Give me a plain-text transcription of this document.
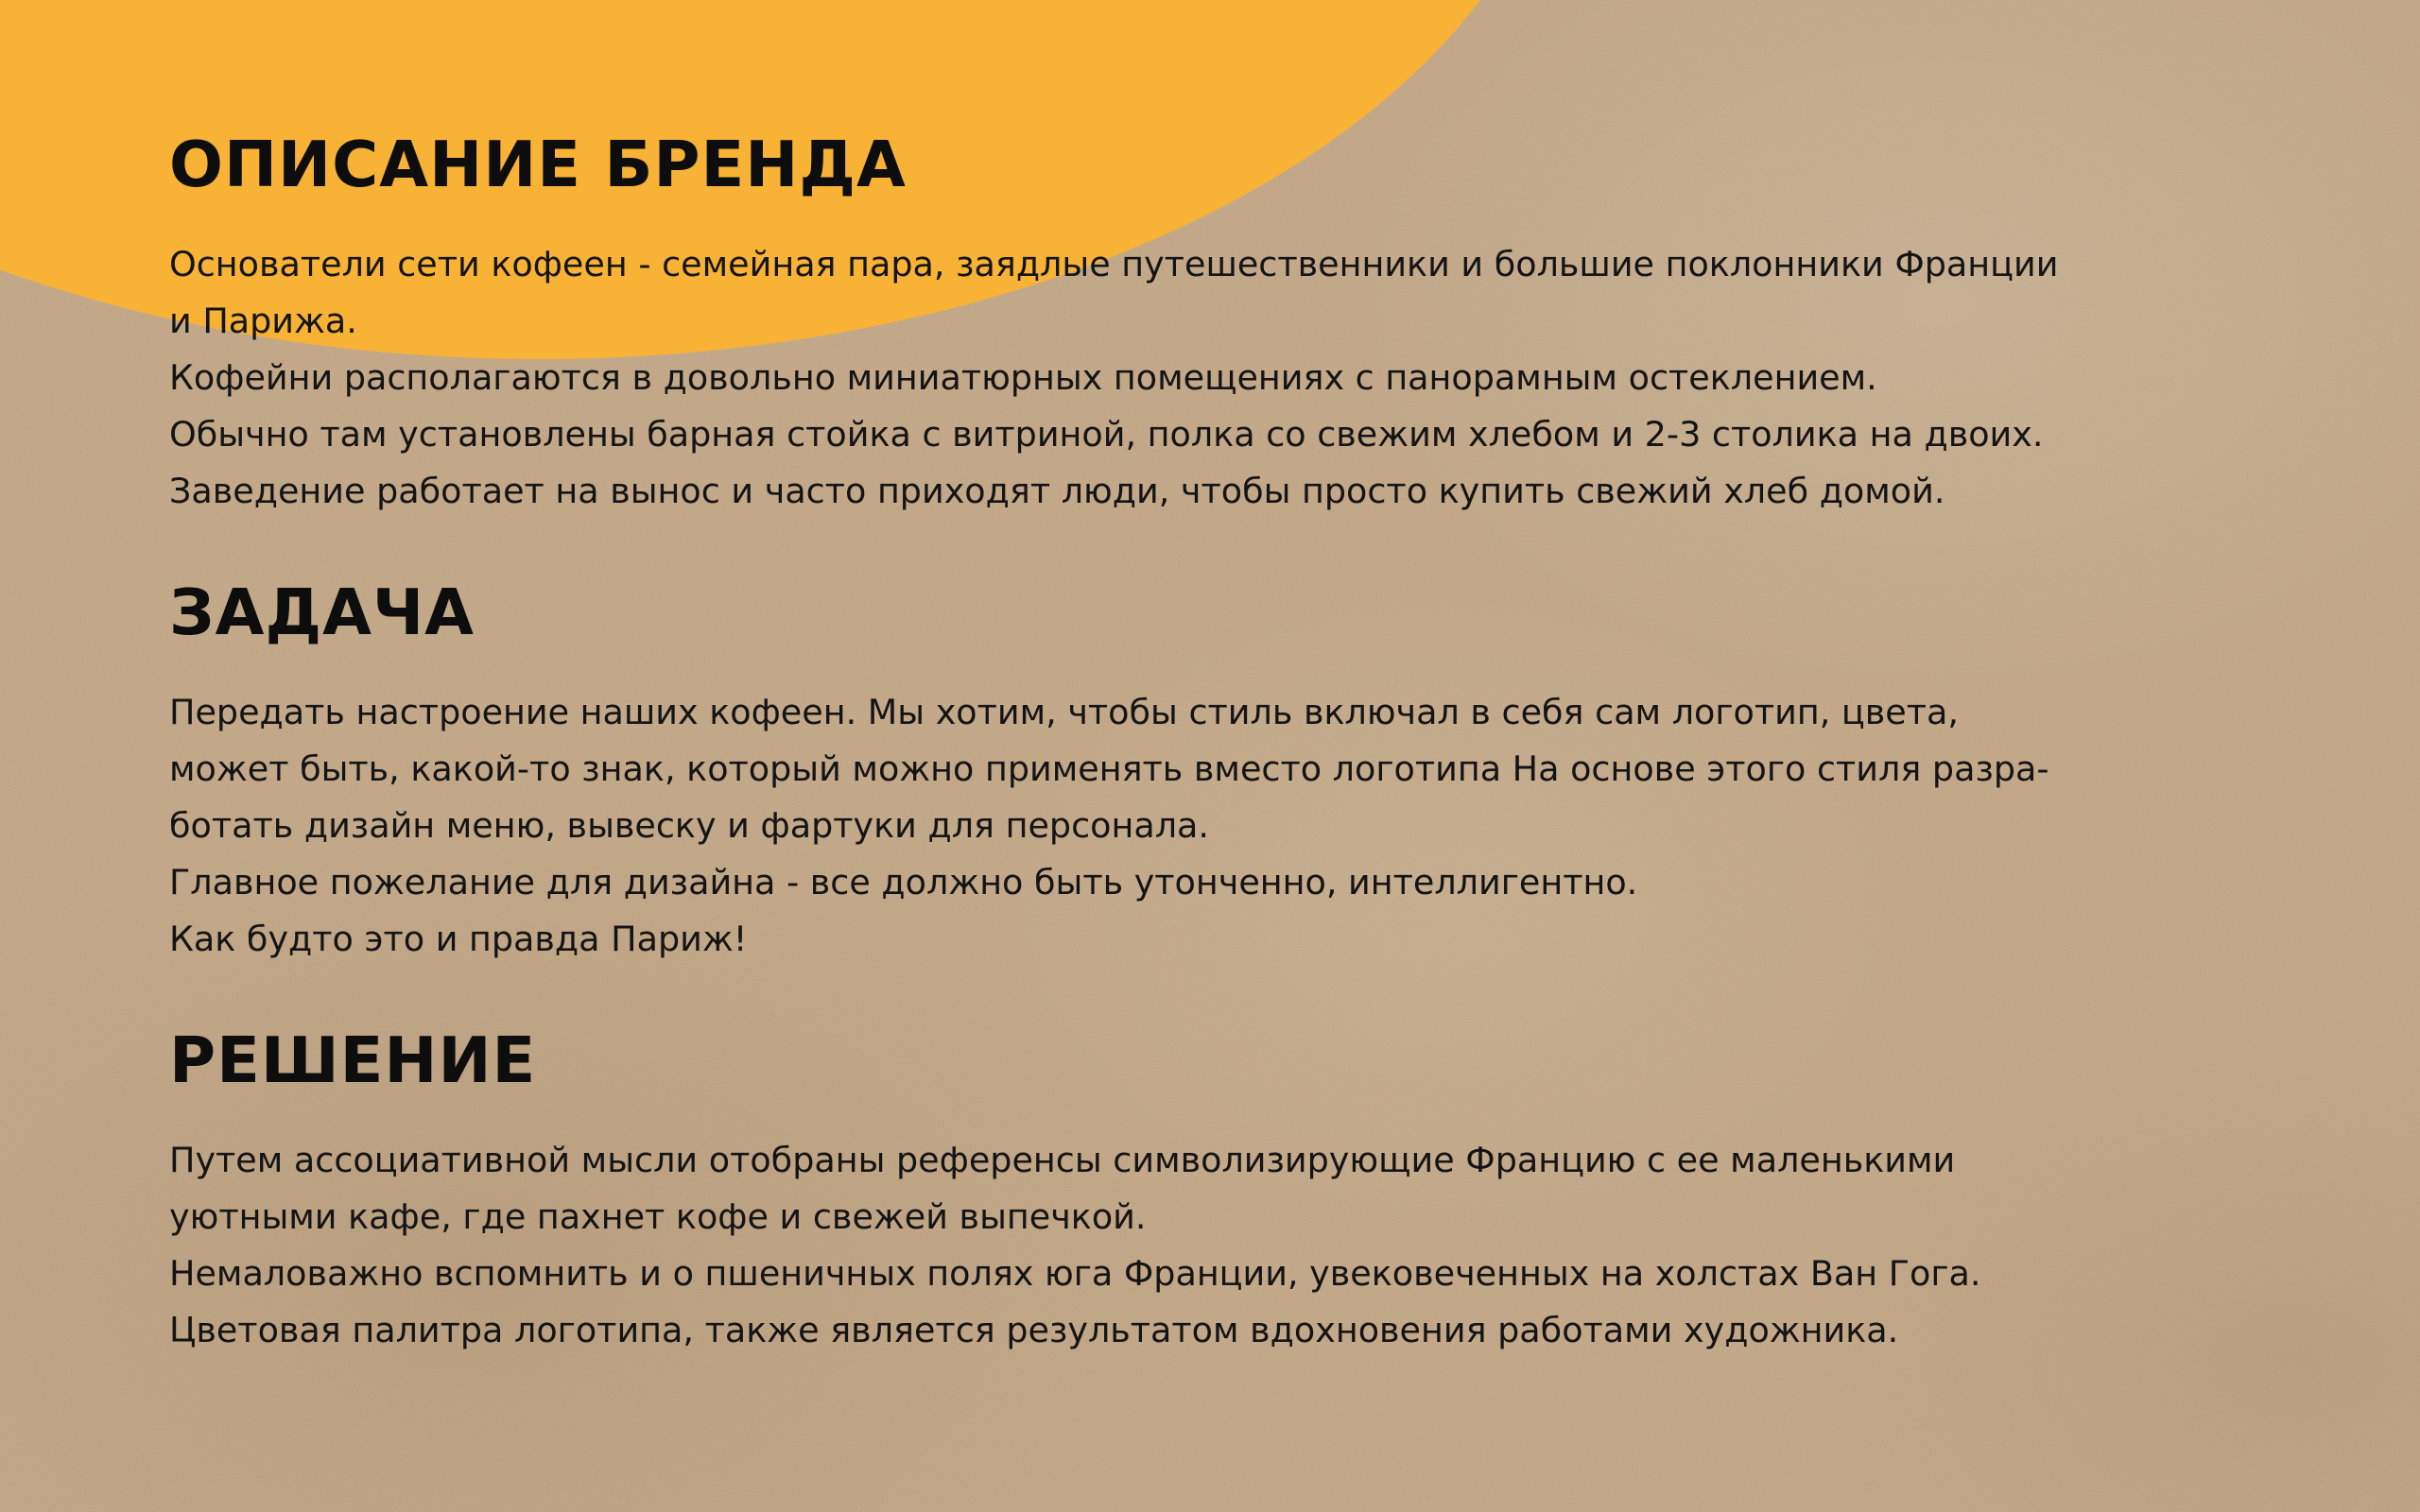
ОПИСАНИЕ БРЕНДА

Основатели сети кофеен - семейная пара, заядлые путешественники и большие поклонники Франции

и Парижа.

Кофейни располагаются в довольно миниатюрных помещениях с панорамным остеклением.

Обычно там установлены барная стойка с витриной, полка со свежим хлебом и 2-3 столика на двоих.

Заведение работает на вынос и часто приходят люди, чтобы просто купить свежий хлеб домой.

ЗАДАЧА

Передать настроение наших кофеен. Мы хотим, чтобы стиль включал в себя сам логотип, цвета,

может быть, какой-то знак, который можно применять вместо логотипа На основе этого стиля разра-

ботать дизайн меню, вывеску и фартуки для персонала.

Главное пожелание для дизайна - все должно быть утонченно, интеллигентно.

Как будто это и правда Париж!

РЕШЕНИЕ

Путем ассоциативной мысли отобраны референсы символизирующие Францию с ее маленькими

уютными кафе, где пахнет кофе и свежей выпечкой.

Немаловажно вспомнить и о пшеничных полях юга Франции, увековеченных на холстах Ван Гога.

Цветовая палитра логотипа, также является результатом вдохновения работами художника.
